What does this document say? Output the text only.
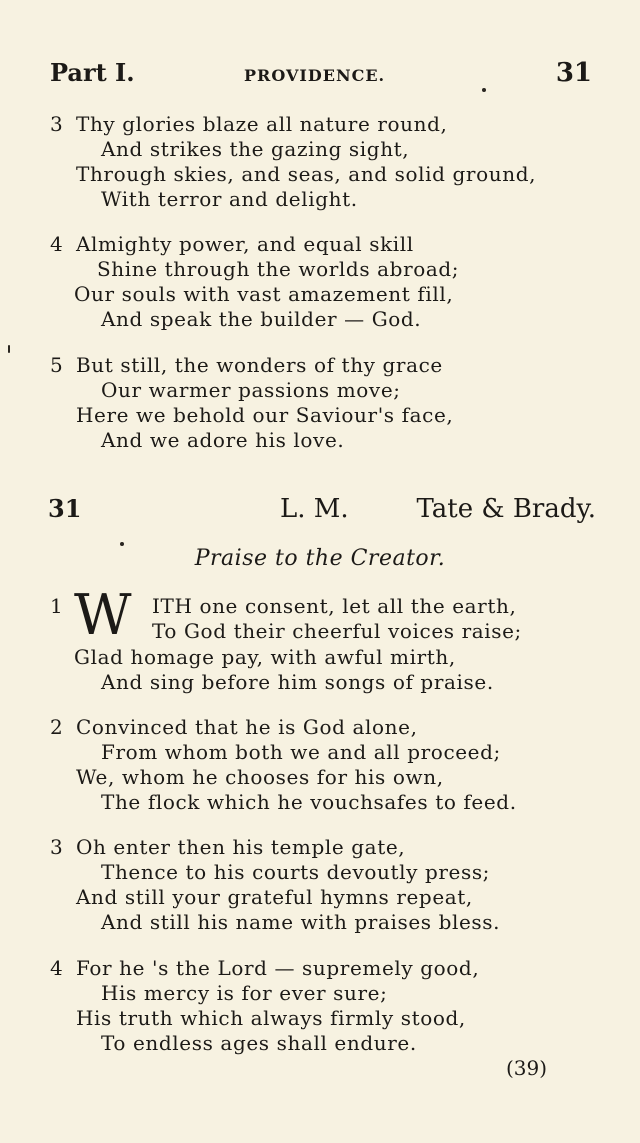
Part I.	PROVIDENCE.	31
3 Thy glories blaze all nature round,
And strikes the gazing sight,
Through skies, and seas, and solid ground,
With terror and delight.
4 Almighty power, and equal skill
Shine through the worlds abroad;
Our souls with vast amazement fill,
And speak the builder — God.
5 But still, the wonders of thy grace
Our warmer passions move;
Here we behold our Saviour's face,
And we adore his love.
31	L. M.	Tate & Brady.
Praise to the Creator.
1 W ITH one consent, let all the earth,
To God their cheerful voices raise;
Glad homage pay, with awful mirth,
And sing before him songs of praise.
2 Convinced that he is God alone,
From whom both we and all proceed;
We, whom he chooses for his own,
The flock which he vouchsafes to feed.
3 Oh enter then his temple gate,
Thence to his courts devoutly press;
And still your grateful hymns repeat,
And still his name with praises bless.
4 For he 's the Lord — supremely good,
His mercy is for ever sure;
His truth which always firmly stood,
To endless ages shall endure.
(39)
